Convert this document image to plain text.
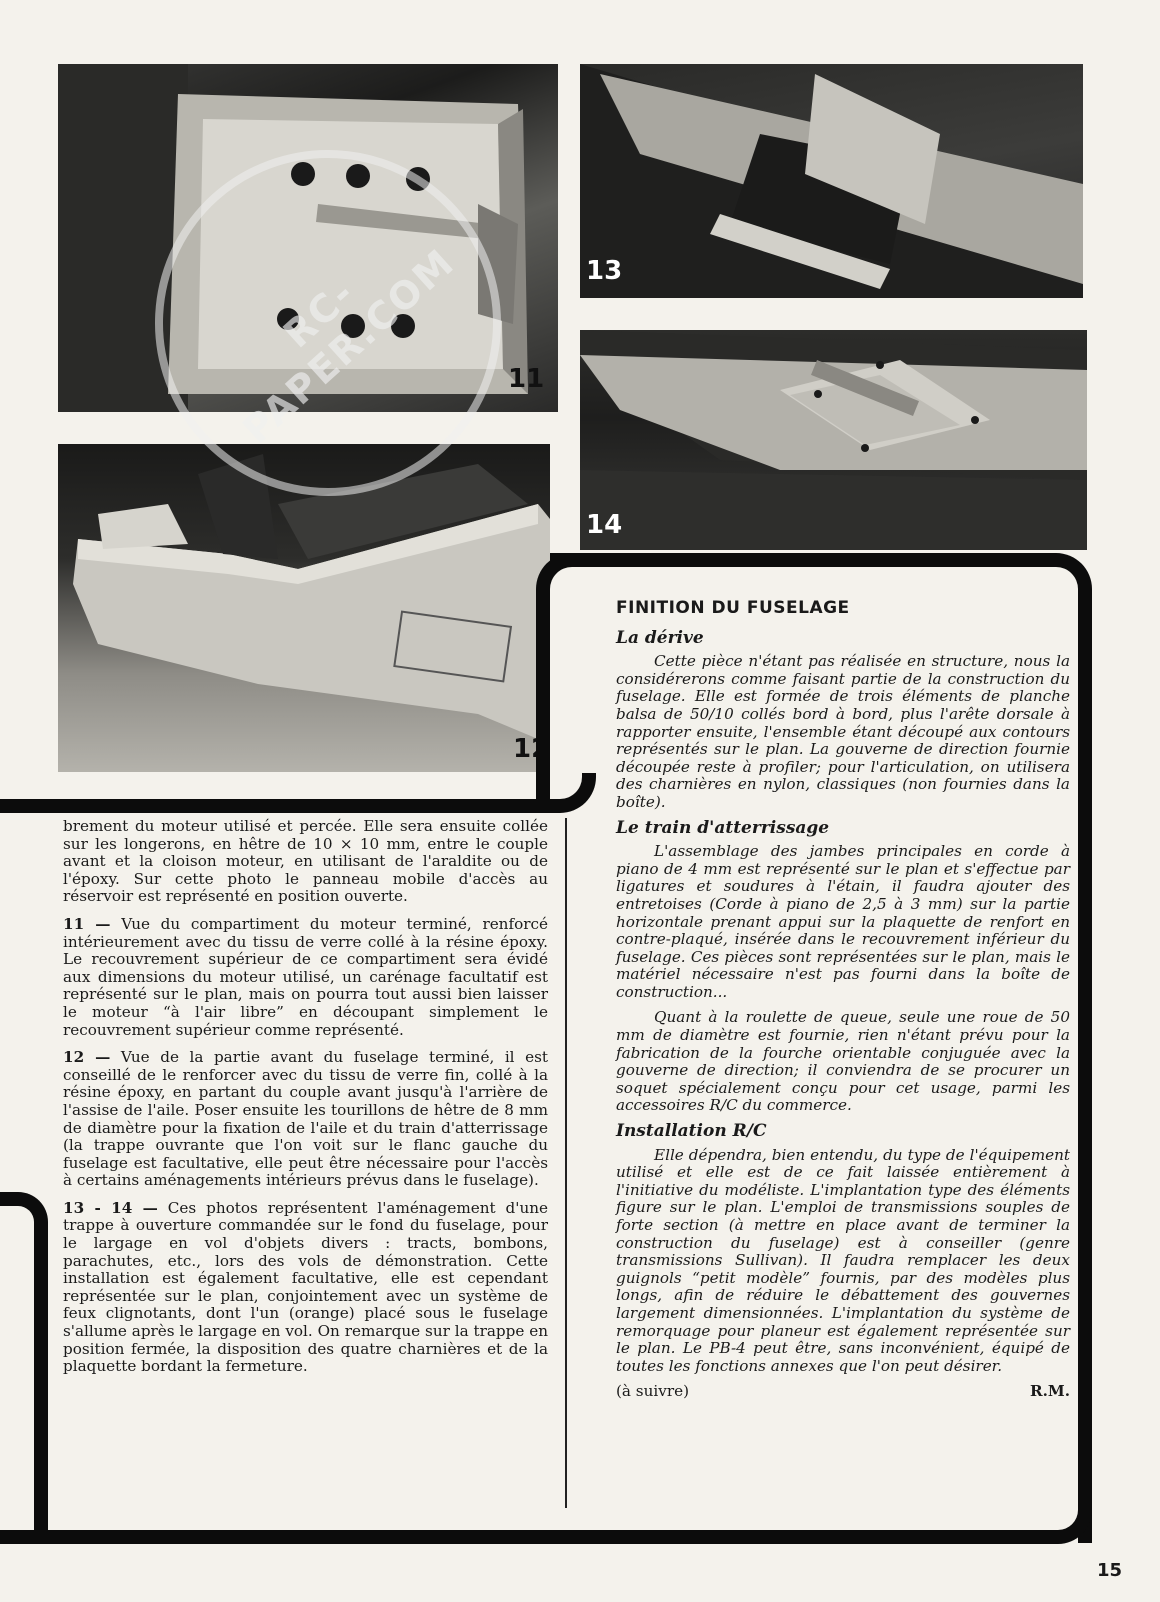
11
12
13
14
RC-PAPER.COM

brement du moteur utilisé et percée. Elle sera ensuite collée sur les longerons, en hêtre de 10 × 10 mm, entre le couple avant et la cloison moteur, en utilisant de l'araldite ou de l'époxy. Sur cette photo le panneau mobile d'accès au réservoir est représenté en position ouverte.

11 — Vue du compartiment du moteur terminé, renforcé intérieurement avec du tissu de verre collé à la résine époxy. Le recouvrement supérieur de ce compartiment sera évidé aux dimensions du moteur utilisé, un carénage facultatif est représenté sur le plan, mais on pourra tout aussi bien laisser le moteur “à l'air libre” en découpant simplement le recouvrement supérieur comme représenté.

12 — Vue de la partie avant du fuselage terminé, il est conseillé de le renforcer avec du tissu de verre fin, collé à la résine époxy, en partant du couple avant jusqu'à l'arrière de l'assise de l'aile. Poser ensuite les tourillons de hêtre de 8 mm de diamètre pour la fixation de l'aile et du train d'atterrissage (la trappe ouvrante que l'on voit sur le flanc gauche du fuselage est facultative, elle peut être nécessaire pour l'accès à certains aménagements intérieurs prévus dans le fuselage).

13 - 14 — Ces photos représentent l'aménagement d'une trappe à ouverture commandée sur le fond du fuselage, pour le largage en vol d'objets divers : tracts, bombons, parachutes, etc., lors des vols de démonstration. Cette installation est également facultative, elle est cependant représentée sur le plan, conjointement avec un système de feux clignotants, dont l'un (orange) placé sous le fuselage s'allume après le largage en vol. On remarque sur la trappe en position fermée, la disposition des quatre charnières et de la plaquette bordant la fermeture.

FINITION DU FUSELAGE
La dérive

Cette pièce n'étant pas réalisée en structure, nous la considérerons comme faisant partie de la construction du fuselage. Elle est formée de trois éléments de planche balsa de 50/10 collés bord à bord, plus l'arête dorsale à rapporter ensuite, l'ensemble étant découpé aux contours représentés sur le plan. La gouverne de direction fournie découpée reste à profiler; pour l'articulation, on utilisera des charnières en nylon, classiques (non fournies dans la boîte).

Le train d'atterrissage

L'assemblage des jambes principales en corde à piano de 4 mm est représenté sur le plan et s'effectue par ligatures et soudures à l'étain, il faudra ajouter des entretoises (Corde à piano de 2,5 à 3 mm) sur la partie horizontale prenant appui sur la plaquette de renfort en contre-plaqué, insérée dans le recouvrement inférieur du fuselage. Ces pièces sont représentées sur le plan, mais le matériel nécessaire n'est pas fourni dans la boîte de construction...

Quant à la roulette de queue, seule une roue de 50 mm de diamètre est fournie, rien n'étant prévu pour la fabrication de la fourche orientable conjuguée avec la gouverne de direction; il conviendra de se procurer un soquet spécialement conçu pour cet usage, parmi les accessoires R/C du commerce.

Installation R/C

Elle dépendra, bien entendu, du type de l'équipement utilisé et elle est de ce fait laissée entièrement à l'initiative du modéliste. L'implantation type des éléments figure sur le plan. L'emploi de transmissions souples de forte section (à mettre en place avant de terminer la construction du fuselage) est à conseiller (genre transmissions Sullivan). Il faudra remplacer les deux guignols “petit modèle” fournis, par des modèles plus longs, afin de réduire le débattement des gouvernes largement dimensionnées. L'implantation du système de remorquage pour planeur est également représentée sur le plan. Le PB-4 peut être, sans inconvénient, équipé de toutes les fonctions annexes que l'on peut désirer.

(à suivre)	R.M.
15
